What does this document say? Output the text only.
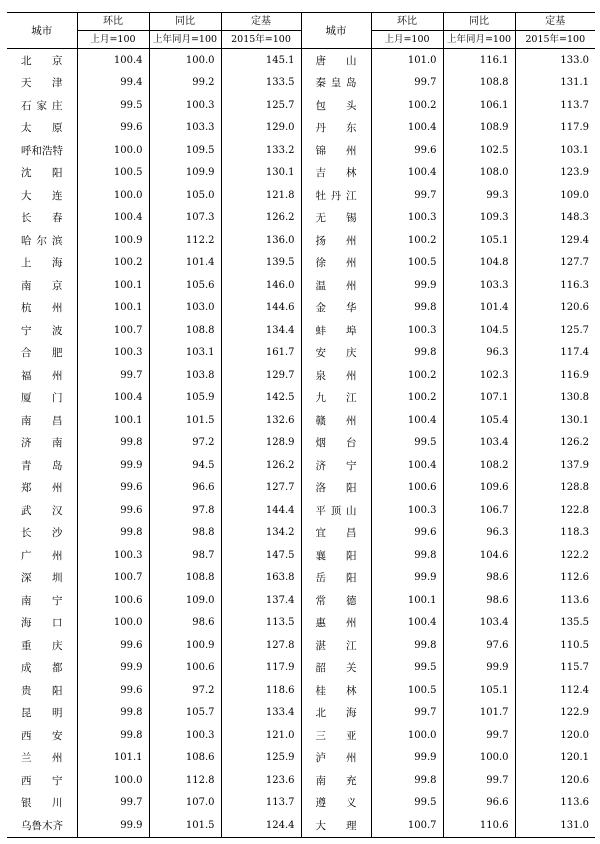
城市	环比	同比	定基	城市	环比	同比	定基
	上月=100	上年同月=100	2015年=100		上月=100	上年同月=100	2015年=100
北京	100.4	100.0	145.1	唐山	101.0	116.1	133.0
天津	99.4	99.2	133.5	秦皇岛	99.7	108.8	131.1
石家庄	99.5	100.3	125.7	包头	100.2	106.1	113.7
太原	99.6	103.3	129.0	丹东	100.4	108.9	117.9
呼和浩特	100.0	109.5	133.2	锦州	99.6	102.5	103.1
沈阳	100.5	109.9	130.1	吉林	100.4	108.0	123.9
大连	100.0	105.0	121.8	牡丹江	99.7	99.3	109.0
长春	100.4	107.3	126.2	无锡	100.3	109.3	148.3
哈尔滨	100.9	112.2	136.0	扬州	100.2	105.1	129.4
上海	100.2	101.4	139.5	徐州	100.5	104.8	127.7
南京	100.1	105.6	146.0	温州	99.9	103.3	116.3
杭州	100.1	103.0	144.6	金华	99.8	101.4	120.6
宁波	100.7	108.8	134.4	蚌埠	100.3	104.5	125.7
合肥	100.3	103.1	161.7	安庆	99.8	96.3	117.4
福州	99.7	103.8	129.7	泉州	100.2	102.3	116.9
厦门	100.4	105.9	142.5	九江	100.2	107.1	130.8
南昌	100.1	101.5	132.6	赣州	100.4	105.4	130.1
济南	99.8	97.2	128.9	烟台	99.5	103.4	126.2
青岛	99.9	94.5	126.2	济宁	100.4	108.2	137.9
郑州	99.6	96.6	127.7	洛阳	100.6	109.6	128.8
武汉	99.6	97.8	144.4	平顶山	100.3	106.7	122.8
长沙	99.8	98.8	134.2	宜昌	99.6	96.3	118.3
广州	100.3	98.7	147.5	襄阳	99.8	104.6	122.2
深圳	100.7	108.8	163.8	岳阳	99.9	98.6	112.6
南宁	100.6	109.0	137.4	常德	100.1	98.6	113.6
海口	100.0	98.6	113.5	惠州	100.4	103.4	135.5
重庆	99.6	100.9	127.8	湛江	99.8	97.6	110.5
成都	99.9	100.6	117.9	韶关	99.5	99.9	115.7
贵阳	99.6	97.2	118.6	桂林	100.5	105.1	112.4
昆明	99.8	105.7	133.4	北海	99.7	101.7	122.9
西安	99.8	100.3	121.0	三亚	100.0	99.7	120.0
兰州	101.1	108.6	125.9	泸州	99.9	100.0	120.1
西宁	100.0	112.8	123.6	南充	99.8	99.7	120.6
银川	99.7	107.0	113.7	遵义	99.5	96.6	113.6
乌鲁木齐	99.9	101.5	124.4	大理	100.7	110.6	131.0
